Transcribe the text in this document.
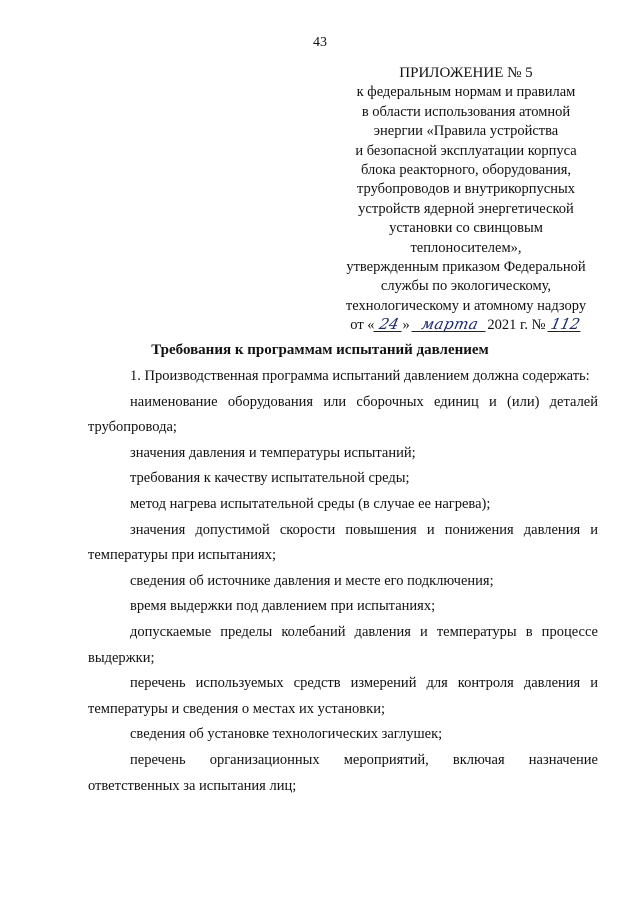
43
ПРИЛОЖЕНИЕ № 5
к федеральным нормам и правилам
в области использования атомной
энергии «Правила устройства
и безопасной эксплуатации корпуса
блока реакторного, оборудования,
трубопроводов и внутрикорпусных
устройств ядерной энергетической
установки со свинцовым
теплоносителем»,
утвержденным приказом Федеральной
службы по экологическому,
технологическому и атомному надзору
от « 24 » марта 2021 г. № 112
Требования к программам испытаний давлением

1. Производственная программа испытаний давлением должна содержать:

наименование оборудования или сборочных единиц и (или) деталей трубопровода;

значения давления и температуры испытаний;

требования к качеству испытательной среды;

метод нагрева испытательной среды (в случае ее нагрева);

значения допустимой скорости повышения и понижения давления и температуры при испытаниях;

сведения об источнике давления и месте его подключения;

время выдержки под давлением при испытаниях;

допускаемые пределы колебаний давления и температуры в процессе выдержки;

перечень используемых средств измерений для контроля давления и температуры и сведения о местах их установки;

сведения об установке технологических заглушек;

перечень организационных мероприятий, включая назначение ответственных за испытания лиц;
